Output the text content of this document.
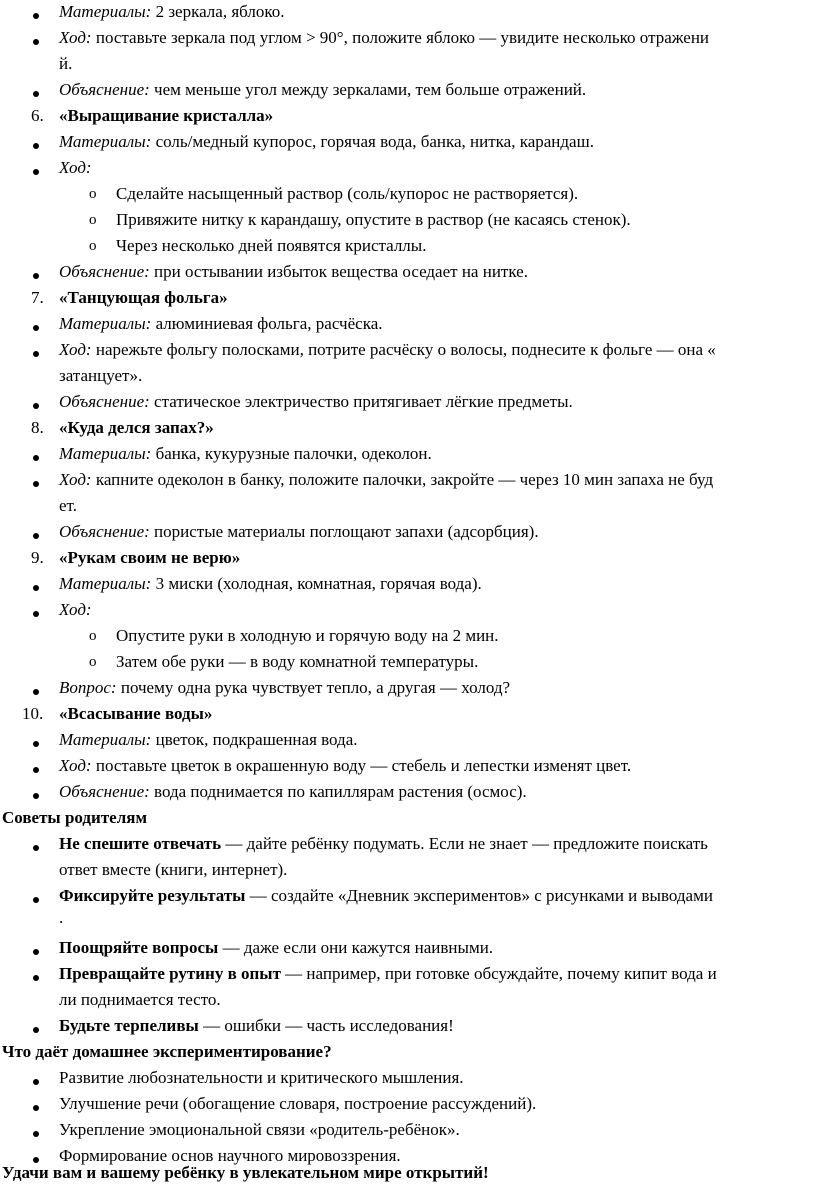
Материалы: 2 зеркала, яблоко.
Ход: поставьте зеркала под углом > 90°, положите яблоко — увидите несколько отражени
й.
Объяснение: чем меньше угол между зеркалами, тем больше отражений.
6. «Выращивание кристалла»
Материалы: соль/медный купорос, горячая вода, банка, нитка, карандаш.
Ход:
o Сделайте насыщенный раствор (соль/купорос не растворяется).
o Привяжите нитку к карандашу, опустите в раствор (не касаясь стенок).
o Через несколько дней появятся кристаллы.
Объяснение: при остывании избыток вещества оседает на нитке.
7. «Танцующая фольга»
Материалы: алюминиевая фольга, расчёска.
Ход: нарежьте фольгу полосками, потрите расчёску о волосы, поднесите к фольге — она «
затанцует».
Объяснение: статическое электричество притягивает лёгкие предметы.
8. «Куда делся запах?»
Материалы: банка, кукурузные палочки, одеколон.
Ход: капните одеколон в банку, положите палочки, закройте — через 10 мин запаха не буд
ет.
Объяснение: пористые материалы поглощают запахи (адсорбция).
9. «Рукам своим не верю»
Материалы: 3 миски (холодная, комнатная, горячая вода).
Ход:
o Опустите руки в холодную и горячую воду на 2 мин.
o Затем обе руки — в воду комнатной температуры.
Вопрос: почему одна рука чувствует тепло, а другая — холод?
10. «Всасывание воды»
Материалы: цветок, подкрашенная вода.
Ход: поставьте цветок в окрашенную воду — стебель и лепестки изменят цвет.
Объяснение: вода поднимается по капиллярам растения (осмос).
Советы родителям
Не спешите отвечать — дайте ребёнку подумать. Если не знает — предложите поискать
ответ вместе (книги, интернет).
Фиксируйте результаты — создайте «Дневник экспериментов» с рисунками и выводами
.
Поощряйте вопросы — даже если они кажутся наивными.
Превращайте рутину в опыт — например, при готовке обсуждайте, почему кипит вода и
ли поднимается тесто.
Будьте терпеливы — ошибки — часть исследования!
Что даёт домашнее экспериментирование?
Развитие любознательности и критического мышления.
Улучшение речи (обогащение словаря, построение рассуждений).
Укрепление эмоциональной связи «родитель-ребёнок».
Формирование основ научного мировоззрения.
Удачи вам и вашему ребёнку в увлекательном мире открытий!
